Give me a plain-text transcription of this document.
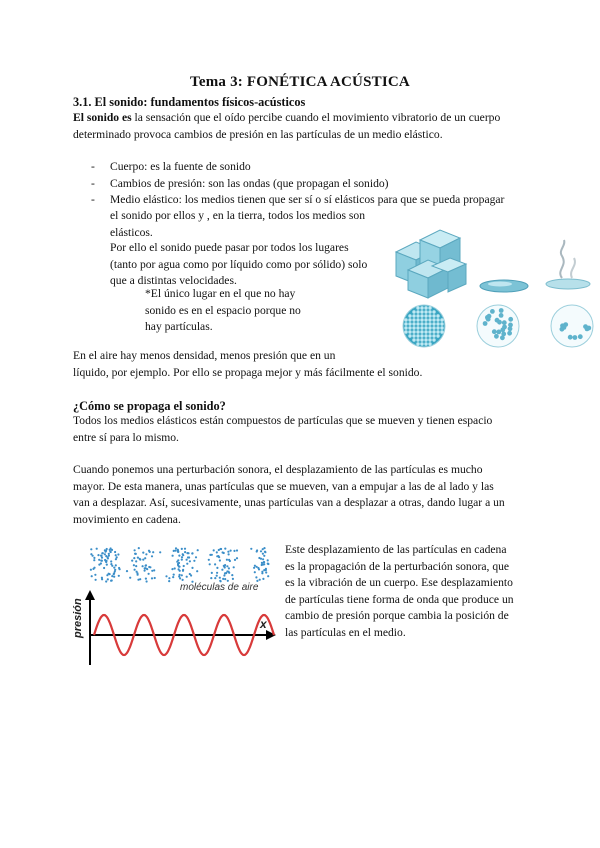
Tema 3: FONÉTICA ACÚSTICA
3.1. El sonido: fundamentos físicos-acústicos
El sonido es la sensación que el oído percibe cuando el movimiento vibratorio de un cuerpo
determinado provoca cambios de presión en las partículas de un medio elástico.
- Cuerpo: es la fuente de sonido
- Cambios de presión: son las ondas (que propagan el sonido)
- Medio elástico: los medios tienen que ser sí o sí elásticos para que se pueda propagar
el sonido por ellos y , en la tierra, todos los medios son
elásticos.
Por ello el sonido puede pasar por todos los lugares
(tanto por agua como por líquido como por sólido) solo
que a distintas velocidades.
*El único lugar en el que no hay
sonido es en el espacio porque no
hay partículas.
En el aire hay menos densidad, menos presión que en un
líquido, por ejemplo. Por ello se propaga mejor y más fácilmente el sonido.
¿Cómo se propaga el sonido?
Todos los medios elásticos están compuestos de partículas que se mueven y tienen espacio
entre sí para lo mismo.
Cuando ponemos una perturbación sonora, el desplazamiento de las partículas es mucho
mayor. De esta manera, unas partículas que se mueven, van a empujar a las de al lado y las
van a desplazar. Así, sucesivamente, unas partículas van a desplazar a otras, dando lugar a un
movimiento en cadena.
moléculas de aire
presión	x
Este desplazamiento de las partículas en cadena
es la propagación de la perturbación sonora, que
es la vibración de un cuerpo. Ese desplazamiento
de partículas tiene forma de onda que produce un
cambio de presión porque cambia la posición de
las partículas en el medio.
